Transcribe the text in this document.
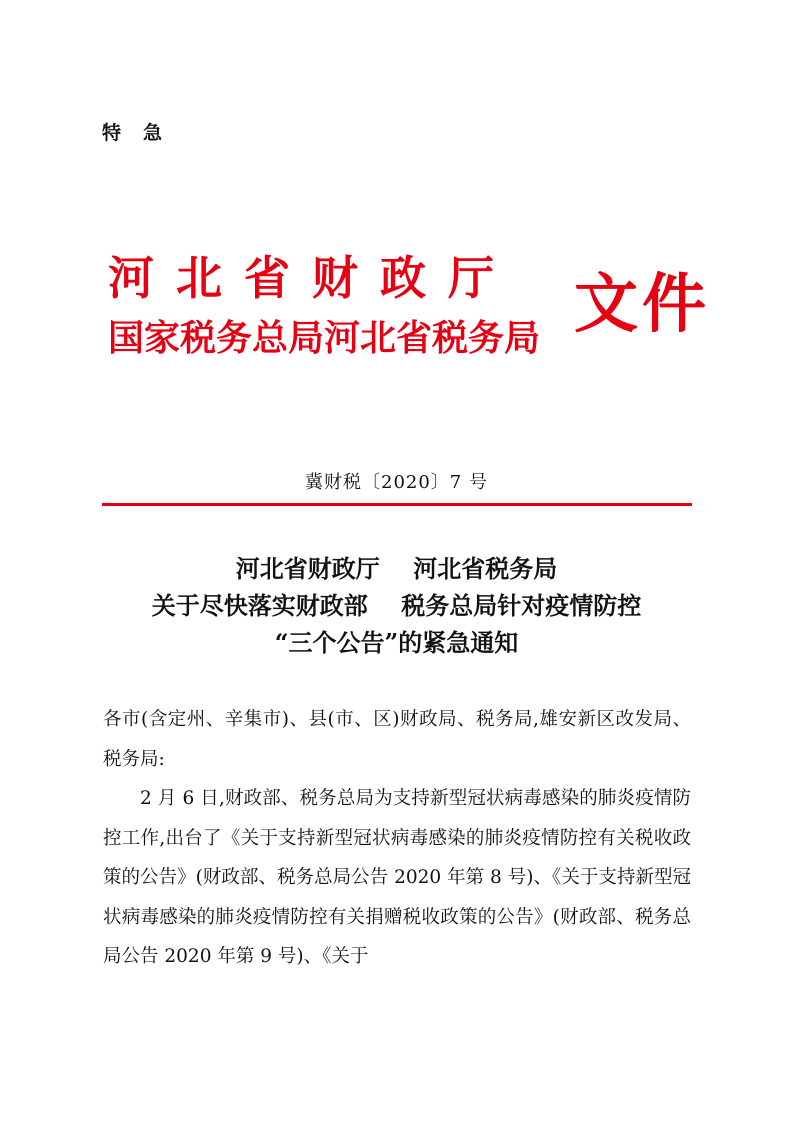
特急
河北省财政厅
国家税务总局河北省税务局 文件
冀财税〔2020〕7 号
河北省财政厅    河北省税务局
关于尽快落实财政部    税务总局针对疫情防控
“三个公告”的紧急通知

各市(含定州、辛集市)、县(市、区)财政局、税务局,雄安新区改发局、税务局:

2 月 6 日,财政部、税务总局为支持新型冠状病毒感染的肺炎疫情防控工作,出台了《关于支持新型冠状病毒感染的肺炎疫情防控有关税收政策的公告》(财政部、税务总局公告 2020 年第 8 号)、《关于支持新型冠状病毒感染的肺炎疫情防控有关捐赠税收政策的公告》(财政部、税务总局公告 2020 年第 9 号)、《关于
